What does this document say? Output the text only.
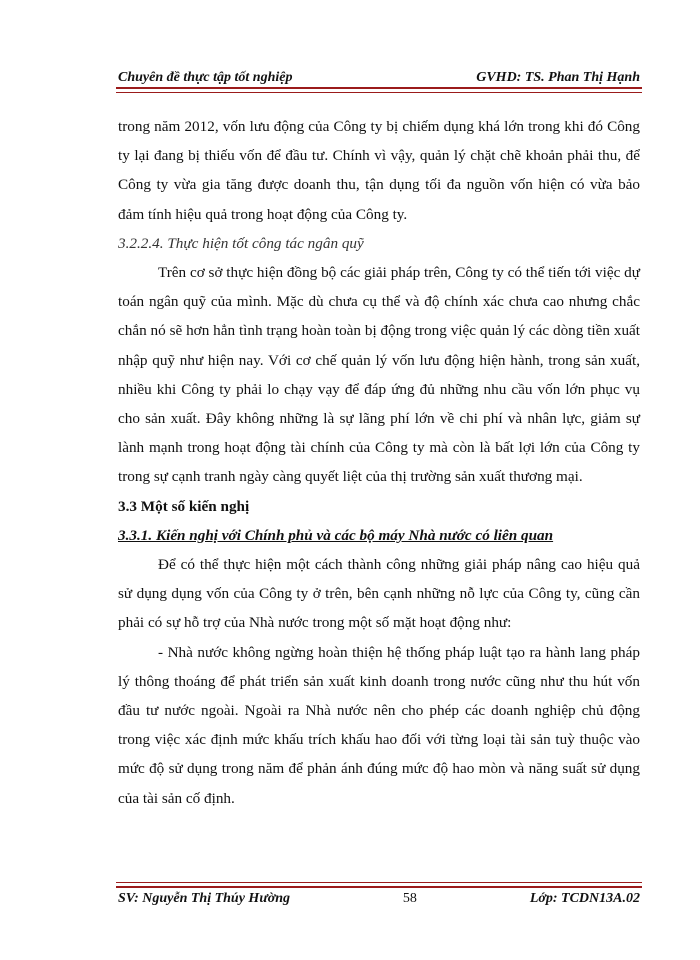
Chuyên đề thực tập tốt nghiệp	GVHD: TS. Phan Thị Hạnh

trong năm 2012, vốn lưu động của Công ty bị chiếm dụng khá lớn trong khi đó Công ty lại đang bị thiếu vốn để đầu tư. Chính vì vậy, quản lý chặt chẽ khoản phải thu, để Công ty vừa gia tăng được doanh thu, tận dụng tối đa nguồn vốn hiện có vừa bảo đảm tính hiệu quả trong hoạt động của Công ty.

3.2.2.4. Thực hiện tốt công tác ngân quỹ

Trên cơ sở thực hiện đồng bộ các giải pháp trên, Công ty có thể tiến tới việc dự toán ngân quỹ của mình. Mặc dù chưa cụ thể và độ chính xác chưa cao nhưng chắc chắn nó sẽ hơn hẳn tình trạng hoàn toàn bị động trong việc quản lý các dòng tiền xuất nhập quỹ như hiện nay. Với cơ chế quản lý vốn lưu động hiện hành, trong sản xuất, nhiều khi Công ty phải lo chạy vạy để đáp ứng đủ những nhu cầu vốn lớn phục vụ cho sản xuất. Đây không những là sự lãng phí lớn về chi phí và nhân lực, giảm sự lành mạnh trong hoạt động tài chính của Công ty mà còn là bất lợi lớn của Công ty trong sự cạnh tranh ngày càng quyết liệt của thị trường sản xuất thương mại.

3.3 Một số kiến nghị

3.3.1. Kiến nghị với Chính phủ và các bộ máy Nhà nước có liên quan

Để có thể thực hiện một cách thành công những giải pháp nâng cao hiệu quả sử dụng dụng vốn của Công ty ở trên, bên cạnh những nỗ lực của Công ty, cũng cần phải có sự hỗ trợ của Nhà nước trong một số mặt hoạt động như:

- Nhà nước không ngừng hoàn thiện hệ thống pháp luật tạo ra hành lang pháp lý thông thoáng để phát triển sản xuất kinh doanh trong nước cũng như thu hút vốn đầu tư nước ngoài. Ngoài ra Nhà nước nên cho phép các doanh nghiệp chủ động trong việc xác định mức khấu trích khấu hao đối với từng loại tài sản tuỳ thuộc vào mức độ sử dụng trong năm để phản ánh đúng mức độ hao mòn và năng suất sử dụng của tài sản cố định.

SV: Nguyễn Thị Thúy Hường	58	Lớp: TCDN13A.02
